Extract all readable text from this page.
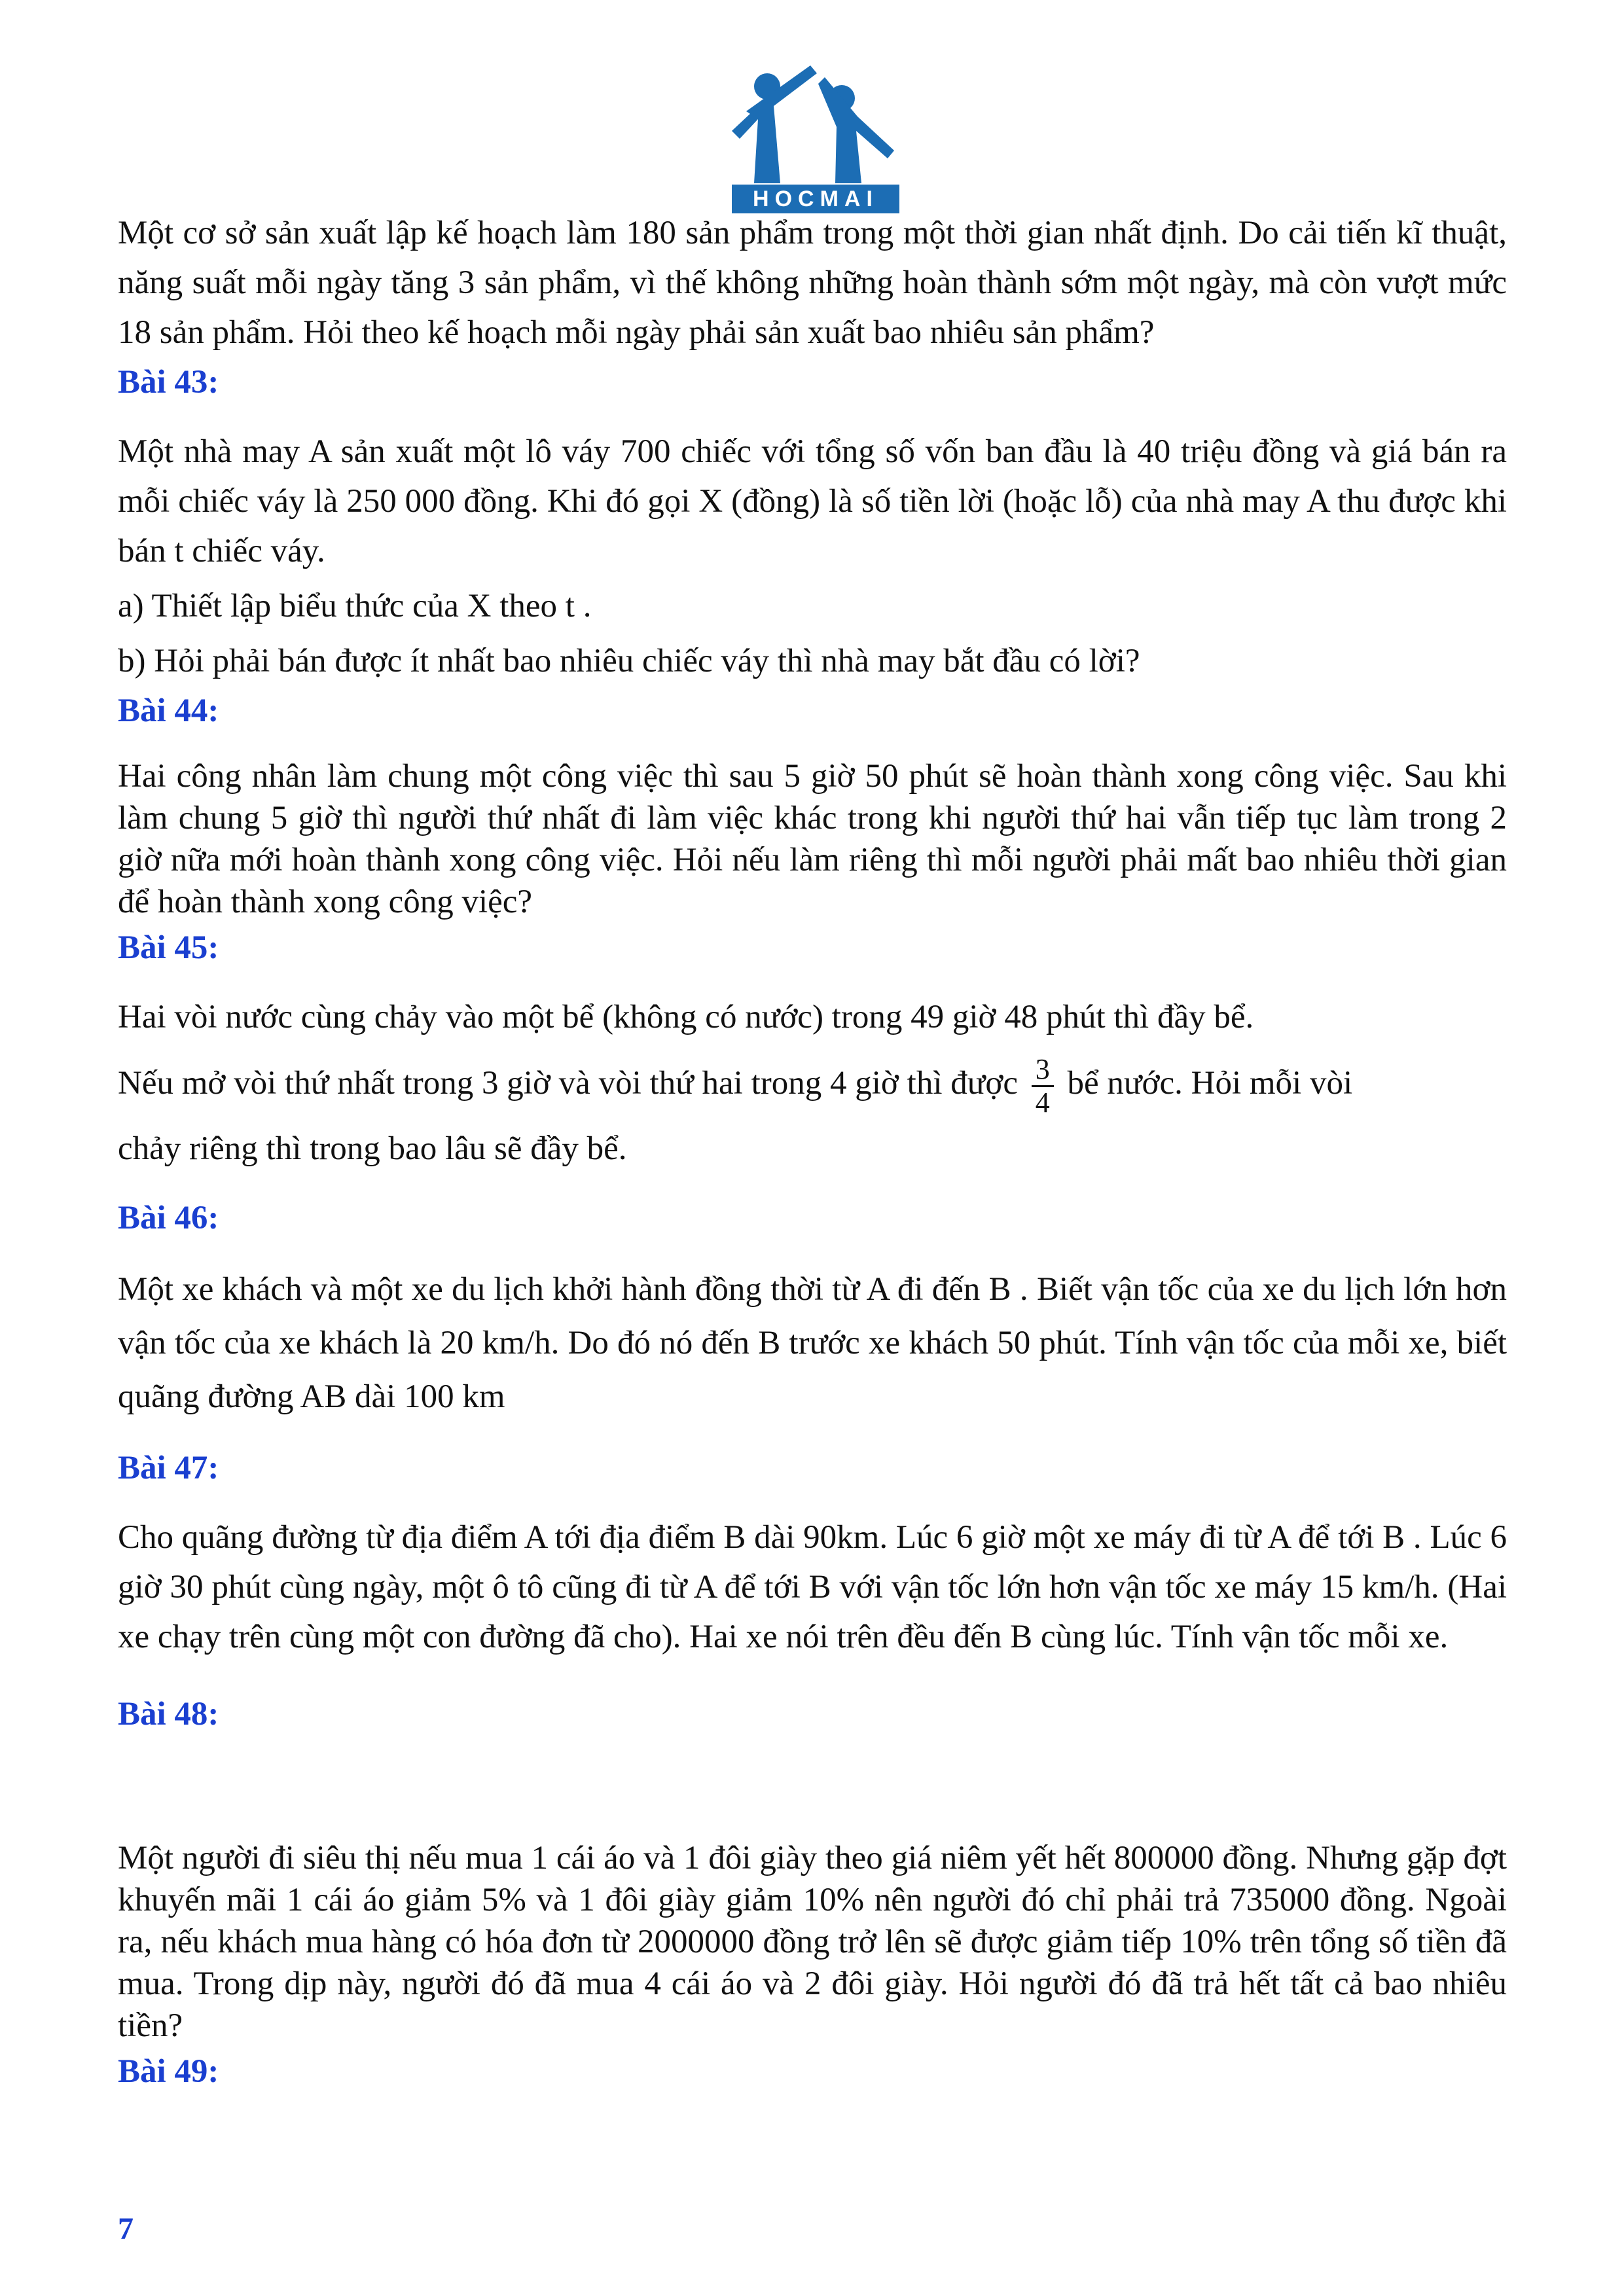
HOCMAI

Một cơ sở sản xuất lập kế hoạch làm 180 sản phẩm trong một thời gian nhất định. Do cải tiến kĩ thuật, năng suất mỗi ngày tăng 3 sản phẩm, vì thế không những hoàn thành sớm một ngày, mà còn vượt mức 18 sản phẩm. Hỏi theo kế hoạch mỗi ngày phải sản xuất bao nhiêu sản phẩm?

Bài 43:

Một nhà may A sản xuất một lô váy 700 chiếc với tổng số vốn ban đầu là 40 triệu đồng và giá bán ra mỗi chiếc váy là 250 000 đồng. Khi đó gọi X (đồng) là số tiền lời (hoặc lỗ) của nhà may A thu được khi bán t chiếc váy.

a) Thiết lập biểu thức của X theo t .

b) Hỏi phải bán được ít nhất bao nhiêu chiếc váy thì nhà may bắt đầu có lời?

Bài 44:

Hai công nhân làm chung một công việc thì sau 5 giờ 50 phút sẽ hoàn thành xong công việc. Sau khi làm chung 5 giờ thì người thứ nhất đi làm việc khác trong khi người thứ hai vẫn tiếp tục làm trong 2 giờ nữa mới hoàn thành xong công việc. Hỏi nếu làm riêng thì mỗi người phải mất bao nhiêu thời gian để hoàn thành xong công việc?

Bài 45:

Hai vòi nước cùng chảy vào một bể (không có nước) trong 49 giờ 48 phút thì đầy bể.

Nếu mở vòi thứ nhất trong 3 giờ và vòi thứ hai trong 4 giờ thì được $\frac{3}{4}$ bể nước. Hỏi mỗi vòi

chảy riêng thì trong bao lâu sẽ đầy bể.

Bài 46:

Một xe khách và một xe du lịch khởi hành đồng thời từ A đi đến B . Biết vận tốc của xe du lịch lớn hơn vận tốc của xe khách là 20 km/h. Do đó nó đến B trước xe khách 50 phút. Tính vận tốc của mỗi xe, biết quãng đường AB dài 100 km

Bài 47:

Cho quãng đường từ địa điểm A tới địa điểm B dài 90km. Lúc 6 giờ một xe máy đi từ A để tới B . Lúc 6 giờ 30 phút cùng ngày, một ô tô cũng đi từ A để tới B với vận tốc lớn hơn vận tốc xe máy 15 km/h. (Hai xe chạy trên cùng một con đường đã cho). Hai xe nói trên đều đến B cùng lúc. Tính vận tốc mỗi xe.

Bài 48:

Một người đi siêu thị nếu mua 1 cái áo và 1 đôi giày theo giá niêm yết hết 800000 đồng. Nhưng gặp đợt khuyến mãi 1 cái áo giảm 5% và 1 đôi giày giảm 10% nên người đó chỉ phải trả 735000 đồng. Ngoài ra, nếu khách mua hàng có hóa đơn từ 2000000 đồng trở lên sẽ được giảm tiếp 10% trên tổng số tiền đã mua. Trong dịp này, người đó đã mua 4 cái áo và 2 đôi giày. Hỏi người đó đã trả hết tất cả bao nhiêu tiền?

Bài 49:
7
